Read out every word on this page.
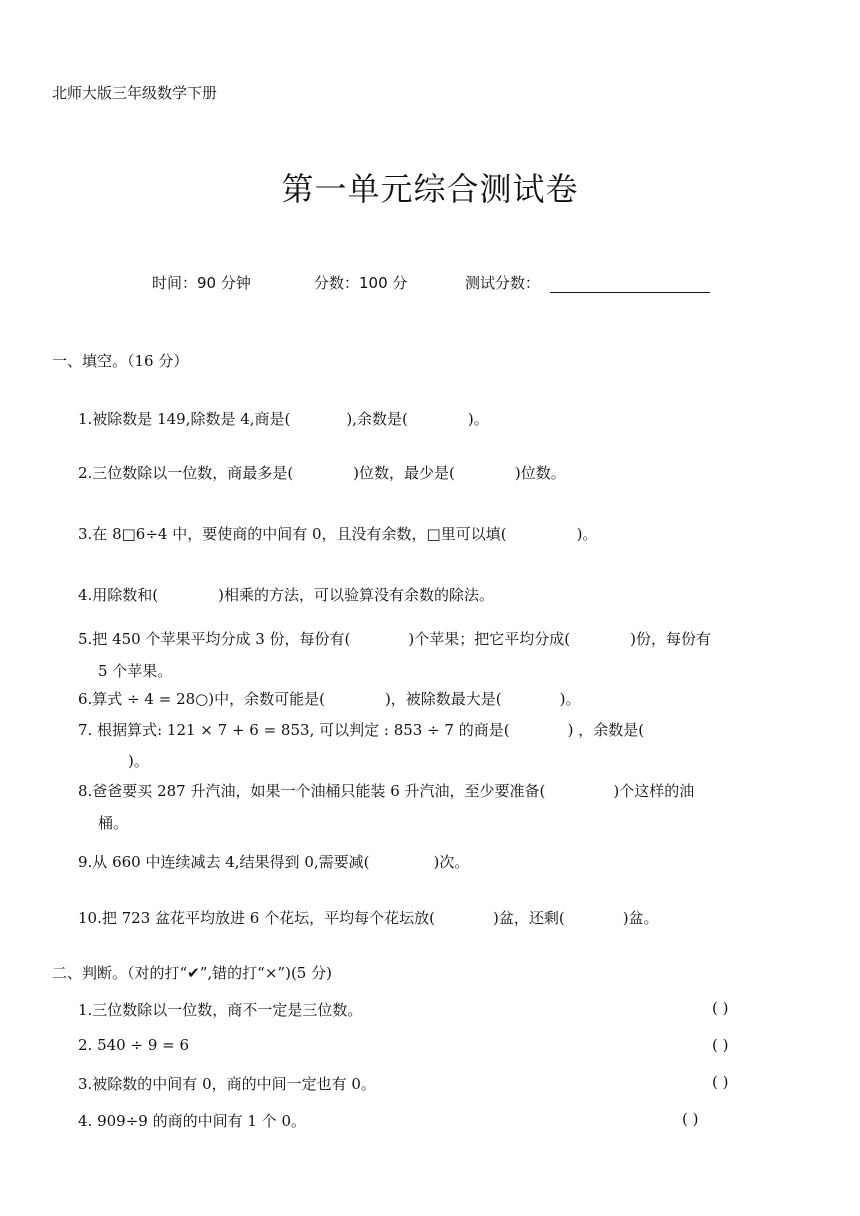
北师大版三年级数学下册
第一单元综合测试卷
时间：90 分钟	分数：100 分	测试分数：
一、填空。（16 分）
1.被除数是 149,除数是 4,商是(	),余数是(	)。
2.三位数除以一位数，商最多是(	)位数，最少是(	)位数。
3.在 8□6÷4 中，要使商的中间有 0，且没有余数，□里可以填(	)。
4.用除数和(	)相乘的方法，可以验算没有余数的除法。
5.把 450 个苹果平均分成 3 份，每份有(	)个苹果；把它平均分成(	)份，每份有
5 个苹果。
6.算式 ÷ 4 = 28○)中，余数可能是(	)，被除数最大是(	)。
7. 根据算式: 121 × 7 + 6 = 853, 可以判定 : 853 ÷ 7 的商是(	) ，余数是(
)。
8.爸爸要买 287 升汽油，如果一个油桶只能装 6 升汽油，至少要准备(	)个这样的油
桶。
9.从 660 中连续减去 4,结果得到 0,需要减(	)次。
10.把 723 盆花平均放进 6 个花坛，平均每个花坛放(	)盆，还剩(	)盆。
二、判断。（对的打“✔”,错的打“×”)(5 分)
1.三位数除以一位数，商不一定是三位数。	( )
2. 540 ÷ 9 = 6	( )
3.被除数的中间有 0，商的中间一定也有 0。	( )
4. 909÷9 的商的中间有 1 个 0。	( )
